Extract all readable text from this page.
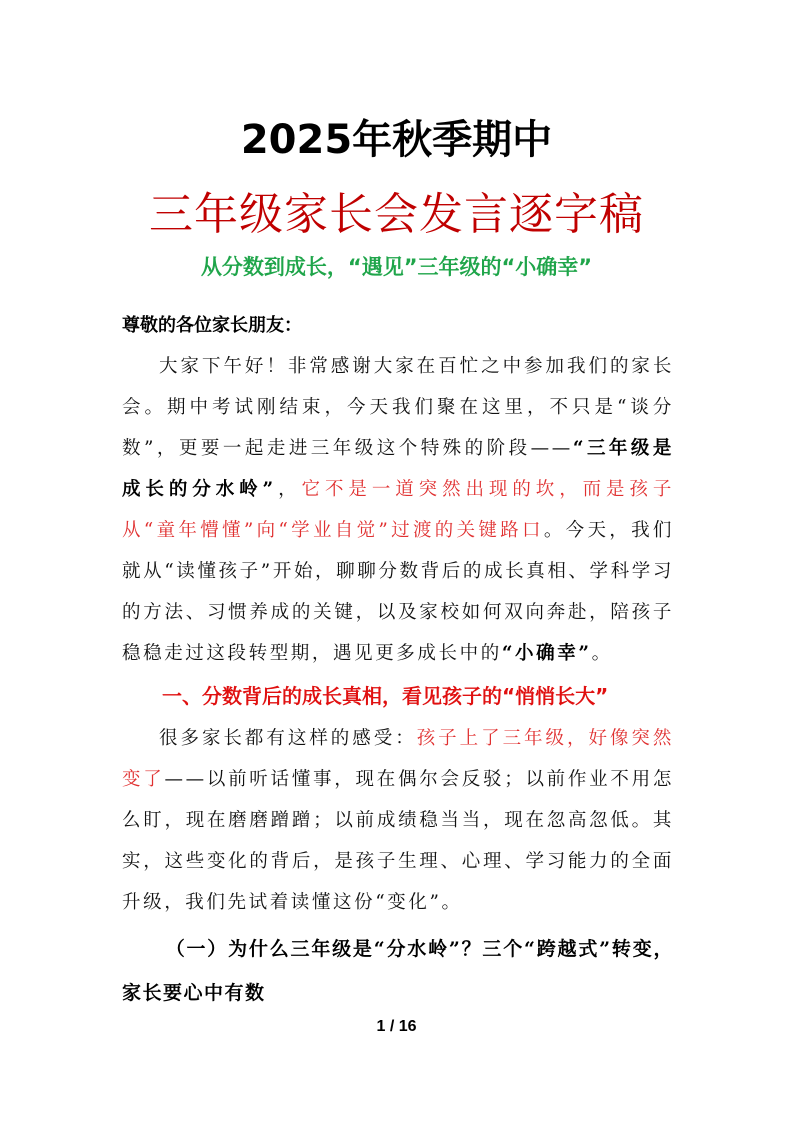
2025年秋季期中
三年级家长会发言逐字稿
从分数到成长，“遇见”三年级的“小确幸”

尊敬的各位家长朋友：

大家下午好！非常感谢大家在百忙之中参加我们的家长会。期中考试刚结束，今天我们聚在这里，不只是“谈分数”，更要一起走进三年级这个特殊的阶段——“三年级是成长的分水岭”，它不是一道突然出现的坎，而是孩子从“童年懵懂”向“学业自觉”过渡的关键路口。今天，我们就从“读懂孩子”开始，聊聊分数背后的成长真相、学科学习的方法、习惯养成的关键，以及家校如何双向奔赴，陪孩子稳稳走过这段转型期，遇见更多成长中的“小确幸”。

一、分数背后的成长真相，看见孩子的“悄悄长大”

很多家长都有这样的感受：孩子上了三年级，好像突然变了——以前听话懂事，现在偶尔会反驳；以前作业不用怎么盯，现在磨磨蹭蹭；以前成绩稳当当，现在忽高忽低。其实，这些变化的背后，是孩子生理、心理、学习能力的全面升级，我们先试着读懂这份“变化”。

（一）为什么三年级是“分水岭”？三个“跨越式”转变，家长要心中有数

1 / 16
